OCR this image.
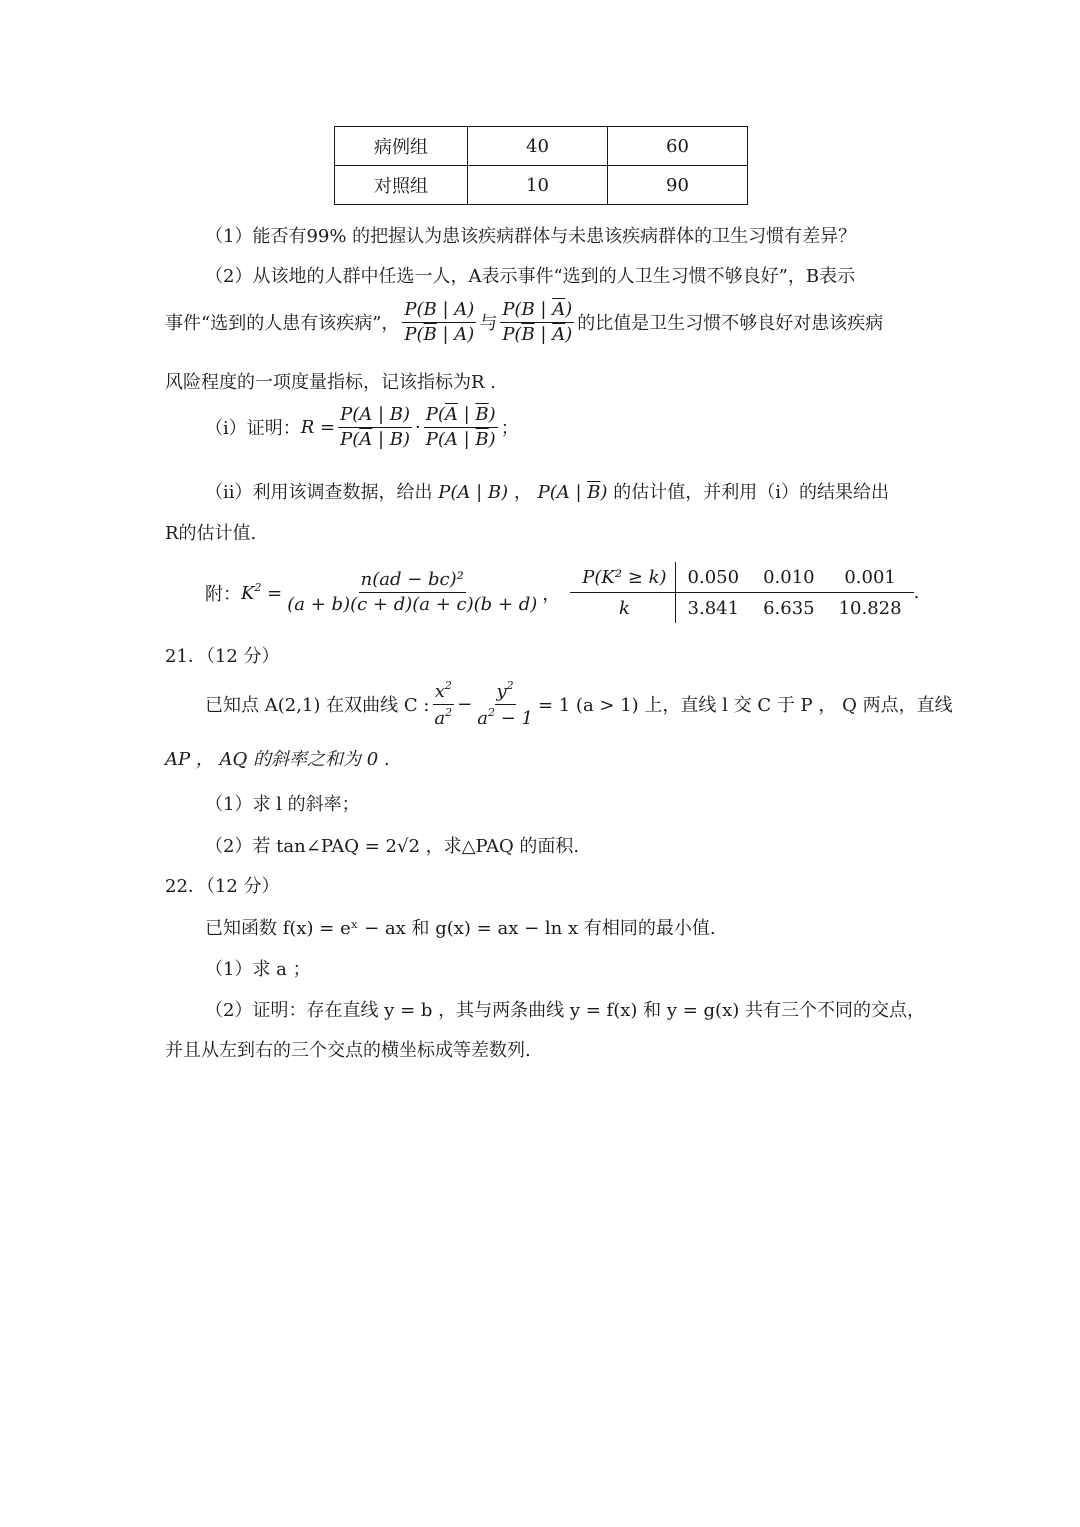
病例组	40	60
对照组	10	90
（1）能否有99% 的把握认为患该疾病群体与未患该疾病群体的卫生习惯有差异？
（2）从该地的人群中任选一人，A表示事件“选到的人卫生习惯不够良好”，B表示
事件“选到的人患有该疾病”， $\frac{P(B | A)}{P(\overline{B} | A)}$ 与 $\frac{P(B | \overline{A})}{P(\overline{B} | \overline{A})}$ 的比值是卫生习惯不够良好对患该疾病
风险程度的一项度量指标，记该指标为R .
（i）证明： $R = \frac{P(A | B)}{P(\overline{A} | B)} \cdot \frac{P(\overline{A} | \overline{B})}{P(A | \overline{B})}$ ；
（ii）利用该调查数据，给出 P(A | B) ， P(A | $\overline{B}$) 的估计值，并利用（i）的结果给出
R的估计值.
附： $K^2 = \frac{\text{n(ad − bc)²}}{(a + b)(c + d)(a + c)(b + d)}$ ，
P(K² ≥ k)	0.050	0.010	0.001
k	3.841	6.635	10.828
.
21．（12 分）
已知点 A(2,1) 在双曲线 C : $\frac{x^2}{a^2} - \frac{y^2}{a^2 - 1} = 1$ (a > 1) 上，直线 l 交 C 于 P ， Q 两点，直线
AP ， AQ 的斜率之和为 0 .
（1）求 l 的斜率；
（2）若 tan∠PAQ = 2√2 ，求△PAQ 的面积.
22．（12 分）
已知函数 f(x) = eˣ − ax 和 g(x) = ax − ln x 有相同的最小值.
（1）求 a ；
（2）证明：存在直线 y = b ，其与两条曲线 y = f(x) 和 y = g(x) 共有三个不同的交点，
并且从左到右的三个交点的横坐标成等差数列.
